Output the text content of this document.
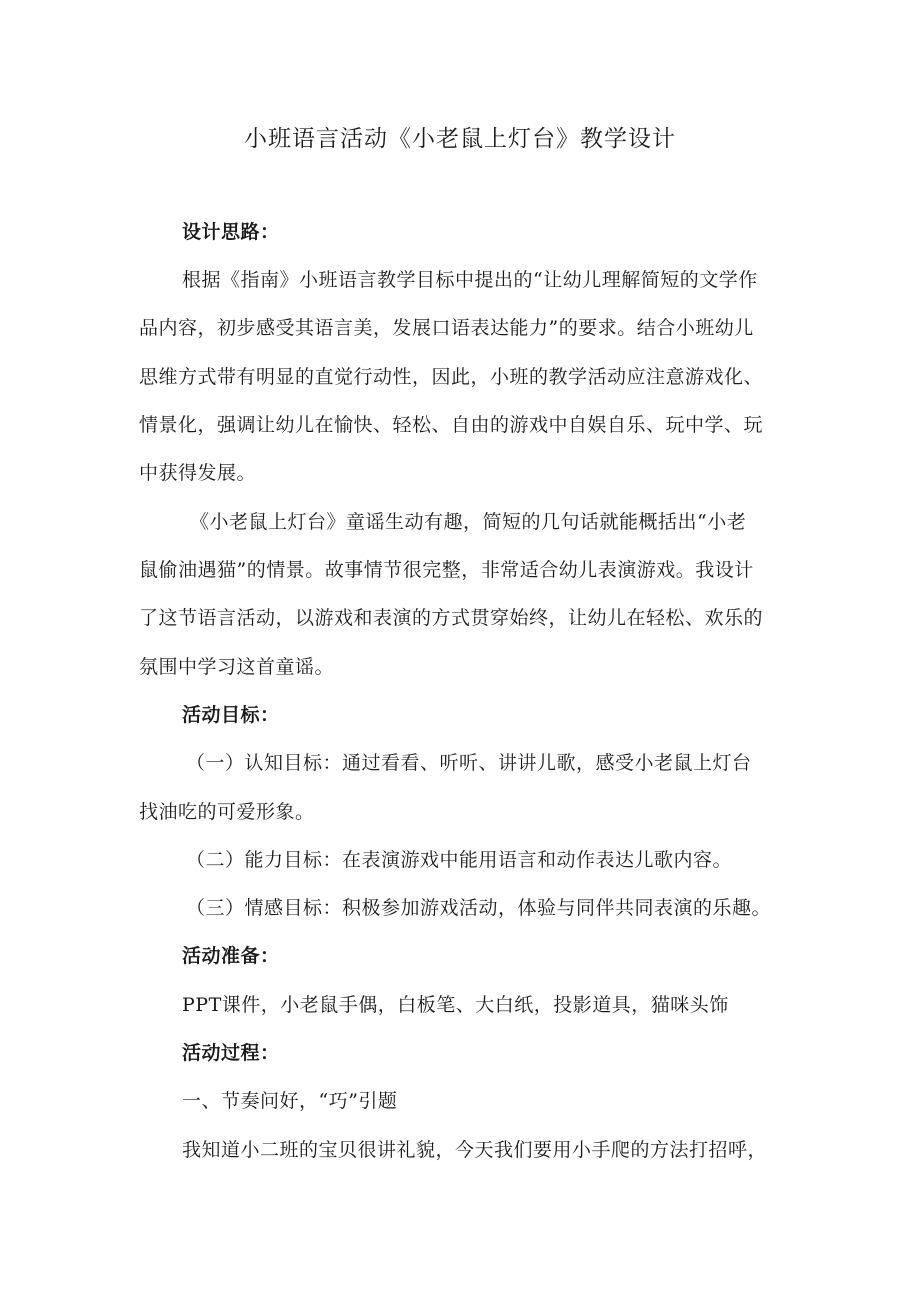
小班语言活动《小老鼠上灯台》教学设计
设计思路：
根据《指南》小班语言教学目标中提出的“让幼儿理解简短的文学作
品内容，初步感受其语言美，发展口语表达能力”的要求。结合小班幼儿
思维方式带有明显的直觉行动性，因此，小班的教学活动应注意游戏化、
情景化，强调让幼儿在愉快、轻松、自由的游戏中自娱自乐、玩中学、玩
中获得发展。
《小老鼠上灯台》童谣生动有趣，简短的几句话就能概括出“小老
鼠偷油遇猫”的情景。故事情节很完整，非常适合幼儿表演游戏。我设计
了这节语言活动，以游戏和表演的方式贯穿始终，让幼儿在轻松、欢乐的
氛围中学习这首童谣。
活动目标：
（一）认知目标：通过看看、听听、讲讲儿歌，感受小老鼠上灯台
找油吃的可爱形象。
（二）能力目标：在表演游戏中能用语言和动作表达儿歌内容。
（三）情感目标：积极参加游戏活动，体验与同伴共同表演的乐趣。
活动准备：
PPT课件，小老鼠手偶，白板笔、大白纸，投影道具，猫咪头饰
活动过程：
一、节奏问好，“巧”引题
我知道小二班的宝贝很讲礼貌，今天我们要用小手爬的方法打招呼，
